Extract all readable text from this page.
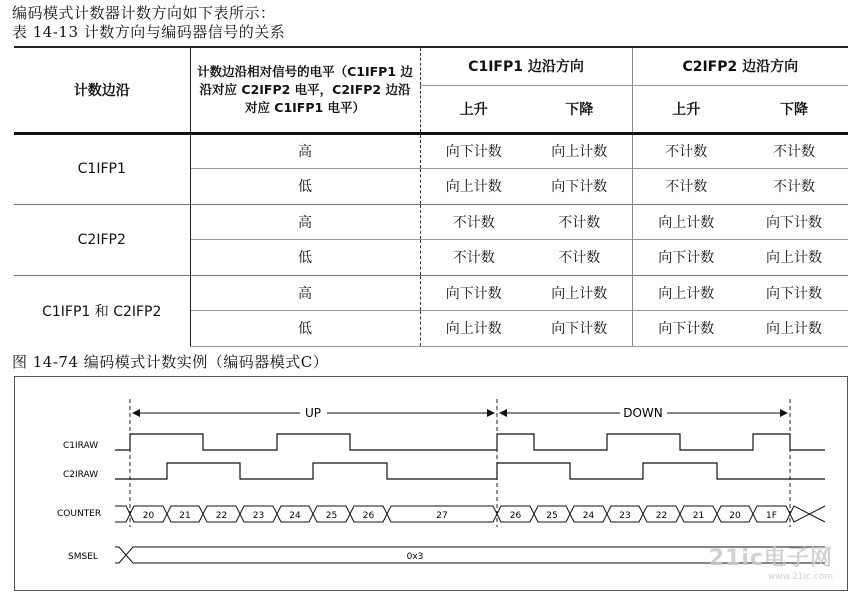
编码模式计数器计数方向如下表所示：
表 14-13 计数方向与编码器信号的关系
计数边沿	计数边沿相对信号的电平（C1IFP1 边沿对应 C2IFP2 电平，C2IFP2 边沿对应 C1IFP1 电平）	C1IFP1 边沿方向		C2IFP2 边沿方向	
		上升	下降	上升	下降
C1IFP1	高	向下计数	向上计数	不计数	不计数
	低	向上计数	向下计数	不计数	不计数
C2IFP2	高	不计数	不计数	向上计数	向下计数
	低	不计数	不计数	向下计数	向上计数
C1IFP1 和 C2IFP2	高	向下计数	向上计数	向上计数	向下计数
	低	向上计数	向下计数	向下计数	向上计数
图 14-74 编码模式计数实例（编码器模式C）
UP	DOWN
C1IRAW
C2IRAW
COUNTER
SMSEL
20	21	22	23	24	25	26	27	26	25	24	23	22	21	20	1F
0x3	21ic电子网
www.21ic.com
